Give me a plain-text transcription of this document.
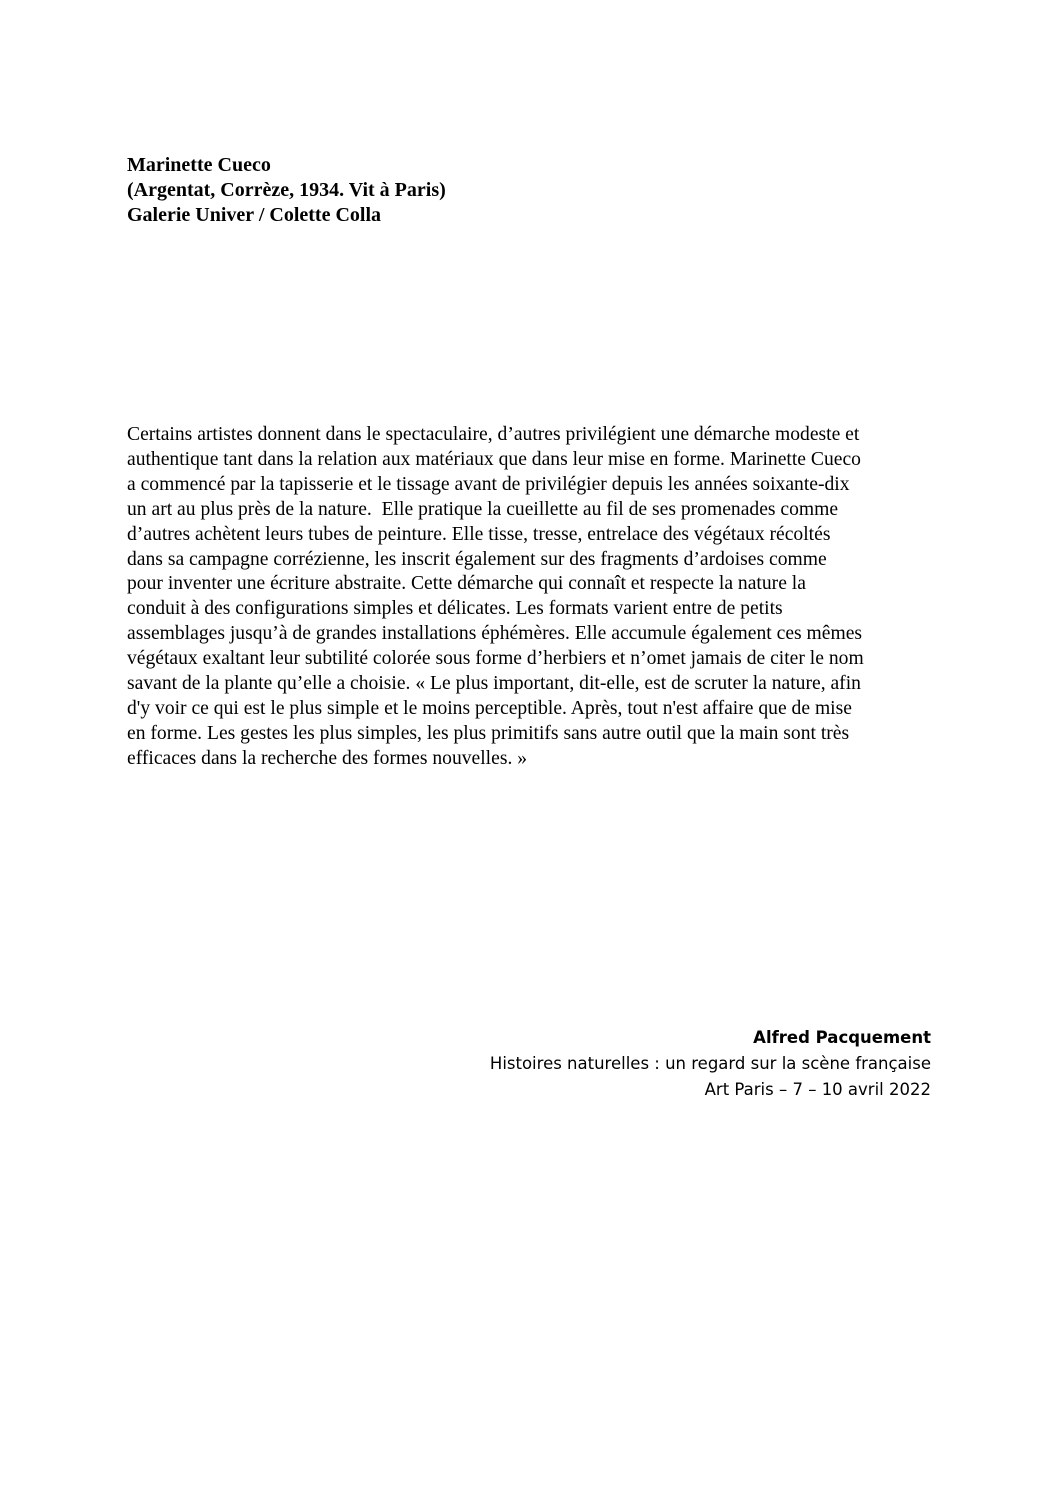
Marinette Cueco
(Argentat, Corrèze, 1934. Vit à Paris)
Galerie Univer / Colette Colla
Certains artistes donnent dans le spectaculaire, d’autres privilégient une démarche modeste et
authentique tant dans la relation aux matériaux que dans leur mise en forme. Marinette Cueco
a commencé par la tapisserie et le tissage avant de privilégier depuis les années soixante-dix
un art au plus près de la nature.  Elle pratique la cueillette au fil de ses promenades comme
d’autres achètent leurs tubes de peinture. Elle tisse, tresse, entrelace des végétaux récoltés
dans sa campagne corrézienne, les inscrit également sur des fragments d’ardoises comme
pour inventer une écriture abstraite. Cette démarche qui connaît et respecte la nature la
conduit à des configurations simples et délicates. Les formats varient entre de petits
assemblages jusqu’à de grandes installations éphémères. Elle accumule également ces mêmes
végétaux exaltant leur subtilité colorée sous forme d’herbiers et n’omet jamais de citer le nom
savant de la plante qu’elle a choisie. « Le plus important, dit-elle, est de scruter la nature, afin
d'y voir ce qui est le plus simple et le moins perceptible. Après, tout n'est affaire que de mise
en forme. Les gestes les plus simples, les plus primitifs sans autre outil que la main sont très
efficaces dans la recherche des formes nouvelles. »
Alfred Pacquement
Histoires naturelles : un regard sur la scène française
Art Paris – 7 – 10 avril 2022
